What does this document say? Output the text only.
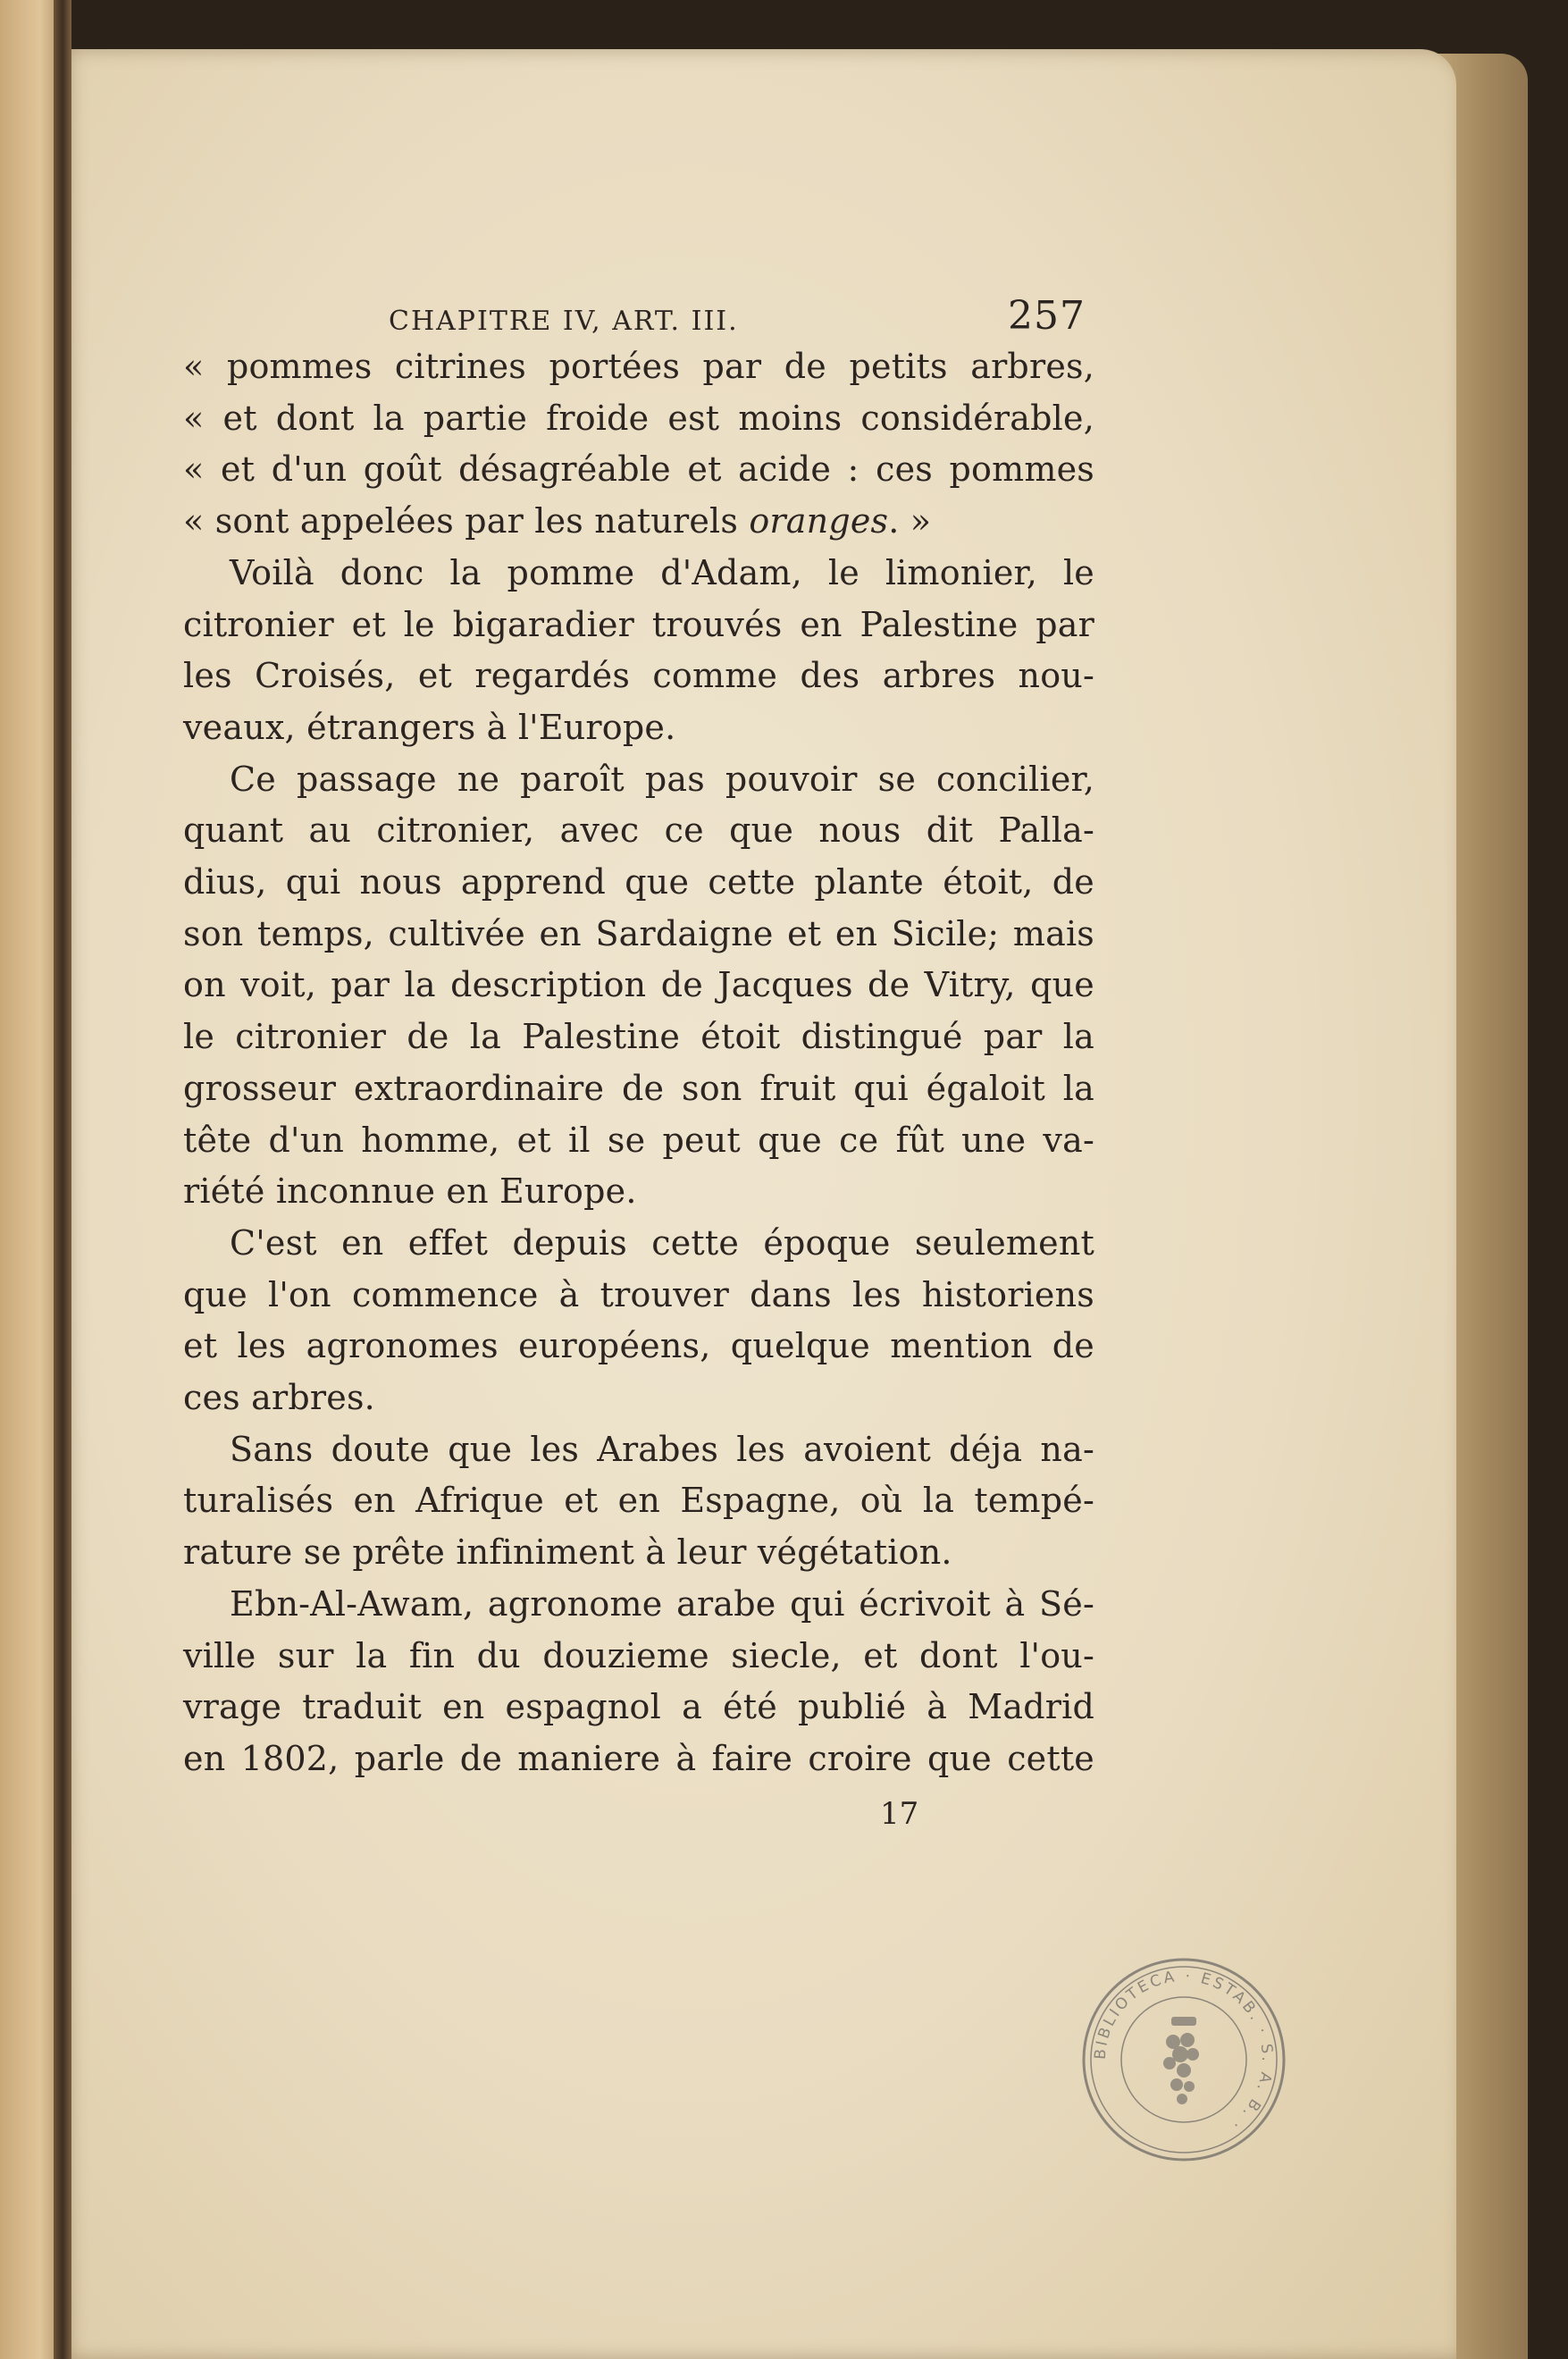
CHAPITRE IV, ART. III.	257
« pommes citrines portées par de petits arbres,
« et dont la partie froide est moins considérable,
« et d'un goût désagréable et acide : ces pommes
« sont appelées par les naturels oranges. »
Voilà donc la pomme d'Adam, le limonier, le
citronier et le bigaradier trouvés en Palestine par
les Croisés, et regardés comme des arbres nou-
veaux, étrangers à l'Europe.
Ce passage ne paroît pas pouvoir se concilier,
quant au citronier, avec ce que nous dit Palla-
dius, qui nous apprend que cette plante étoit, de
son temps, cultivée en Sardaigne et en Sicile; mais
on voit, par la description de Jacques de Vitry, que
le citronier de la Palestine étoit distingué par la
grosseur extraordinaire de son fruit qui égaloit la
tête d'un homme, et il se peut que ce fût une va-
riété inconnue en Europe.
C'est en effet depuis cette époque seulement
que l'on commence à trouver dans les historiens
et les agronomes européens, quelque mention de
ces arbres.
Sans doute que les Arabes les avoient déja na-
turalisés en Afrique et en Espagne, où la tempé-
rature se prête infiniment à leur végétation.
Ebn-Al-Awam, agronome arabe qui écrivoit à Sé-
ville sur la fin du douzieme siecle, et dont l'ou-
vrage traduit en espagnol a été publié à Madrid
en 1802, parle de maniere à faire croire que cette
17
BIBLIOTECA · ESTAB. · S. A. B. ·
